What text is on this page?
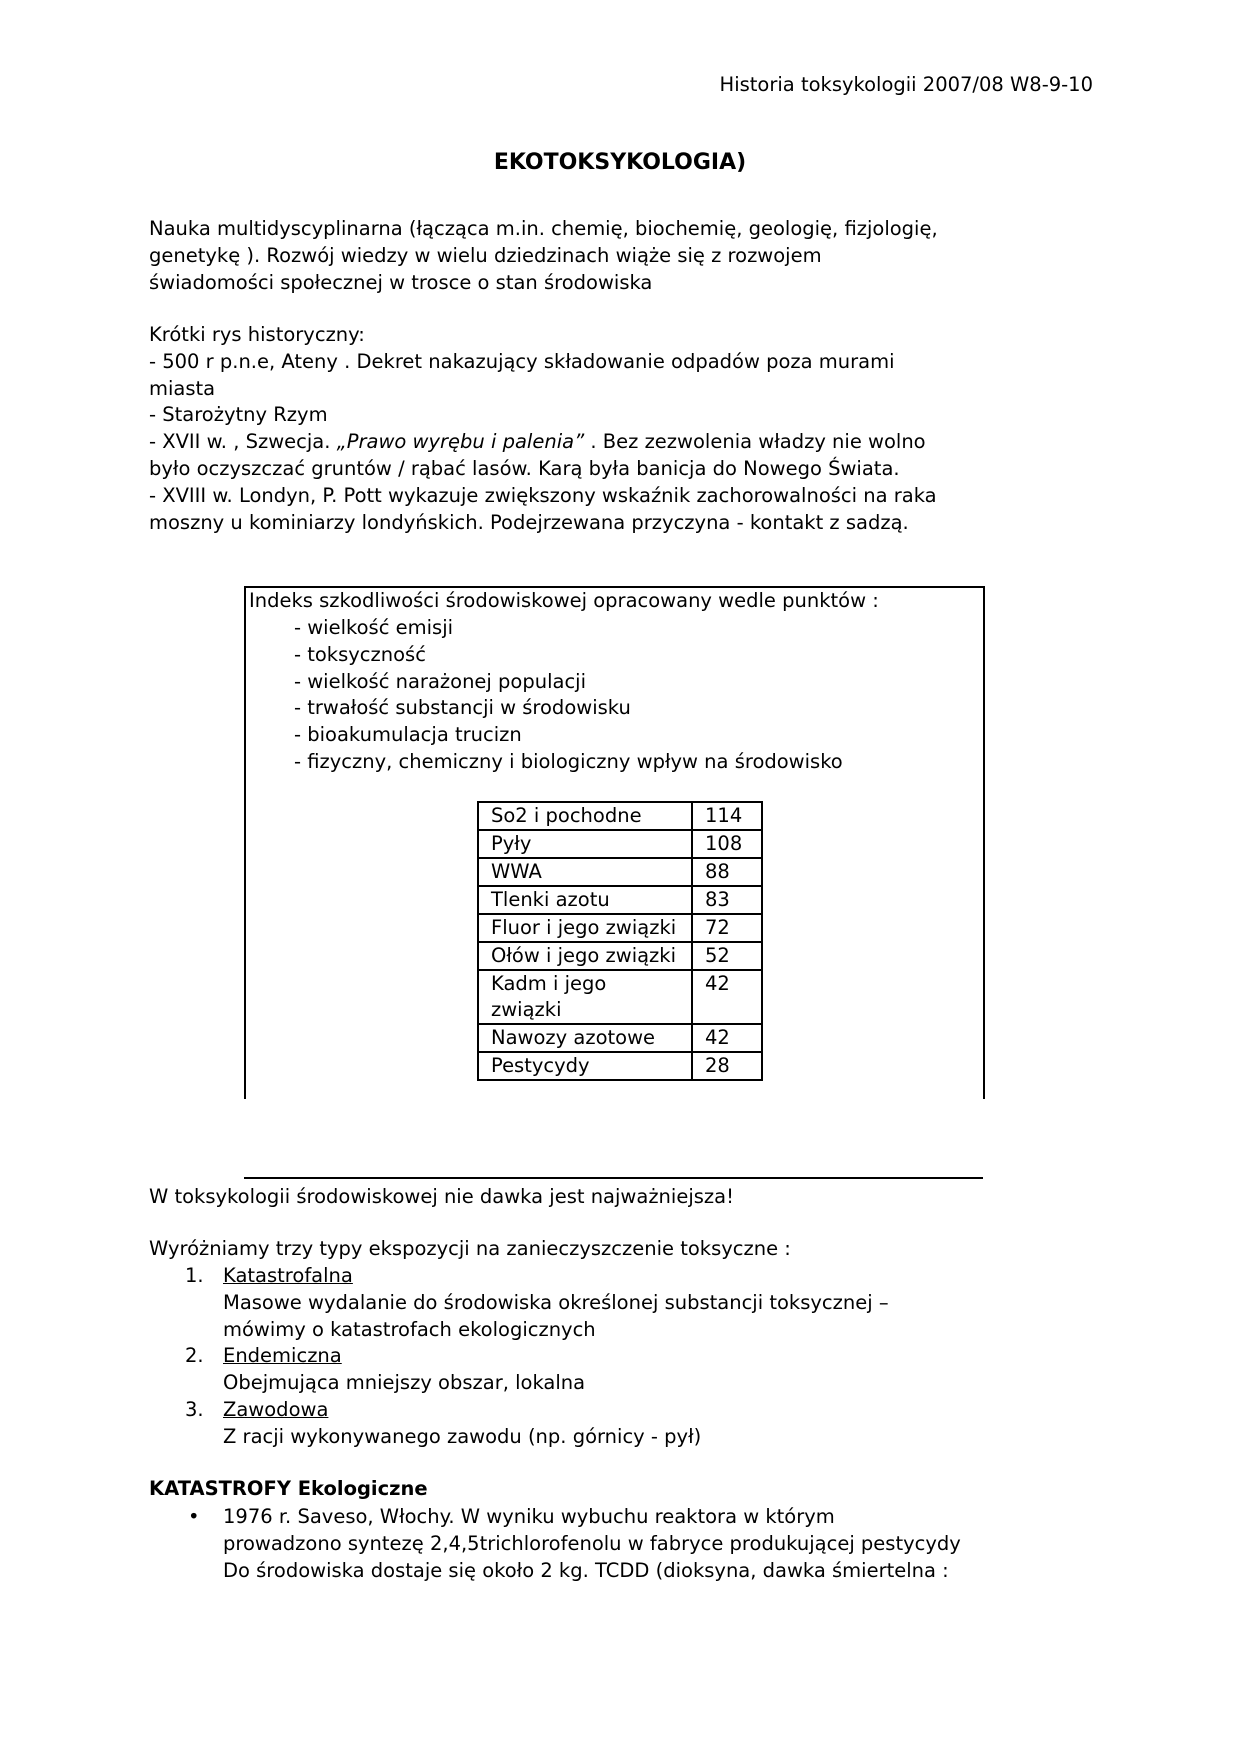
Historia toksykologii 2007/08 W8-9-10
EKOTOKSYKOLOGIA)
Nauka multidyscyplinarna (łącząca m.in. chemię, biochemię, geologię, fizjologię,
genetykę ). Rozwój wiedzy w wielu dziedzinach wiąże się z rozwojem
świadomości społecznej w trosce o stan środowiska
Krótki rys historyczny:
- 500 r p.n.e, Ateny . Dekret nakazujący składowanie odpadów poza murami
miasta
- Starożytny Rzym
- XVII w. , Szwecja. „Prawo wyrębu i palenia” . Bez zezwolenia władzy nie wolno
było oczyszczać gruntów / rąbać lasów. Karą była banicja do Nowego Świata.
- XVIII w. Londyn, P. Pott wykazuje zwiększony wskaźnik zachorowalności na raka
moszny u kominiarzy londyńskich. Podejrzewana przyczyna - kontakt z sadzą.
Indeks szkodliwości środowiskowej opracowany wedle punktów :
- wielkość emisji
- toksyczność
- wielkość narażonej populacji
- trwałość substancji w środowisku
- bioakumulacja trucizn
- fizyczny, chemiczny i biologiczny wpływ na środowisko
So2 i pochodne	114
Pyły	108
WWA	88
Tlenki azotu	83
Fluor i jego związki	72
Ołów i jego związki	52
Kadm i jego związki	42
Nawozy azotowe	42
Pestycydy	28
W toksykologii środowiskowej nie dawka jest najważniejsza!
Wyróżniamy trzy typy ekspozycji na zanieczyszczenie toksyczne :
1. Katastrofalna
Masowe wydalanie do środowiska określonej substancji toksycznej –
mówimy o katastrofach ekologicznych
2. Endemiczna
Obejmująca mniejszy obszar, lokalna
3. Zawodowa
Z racji wykonywanego zawodu (np. górnicy - pył)
KATASTROFY Ekologiczne
• 1976 r. Saveso, Włochy. W wyniku wybuchu reaktora w którym
prowadzono syntezę 2,4,5trichlorofenolu w fabryce produkującej pestycydy
Do środowiska dostaje się około 2 kg. TCDD (dioksyna, dawka śmiertelna :
